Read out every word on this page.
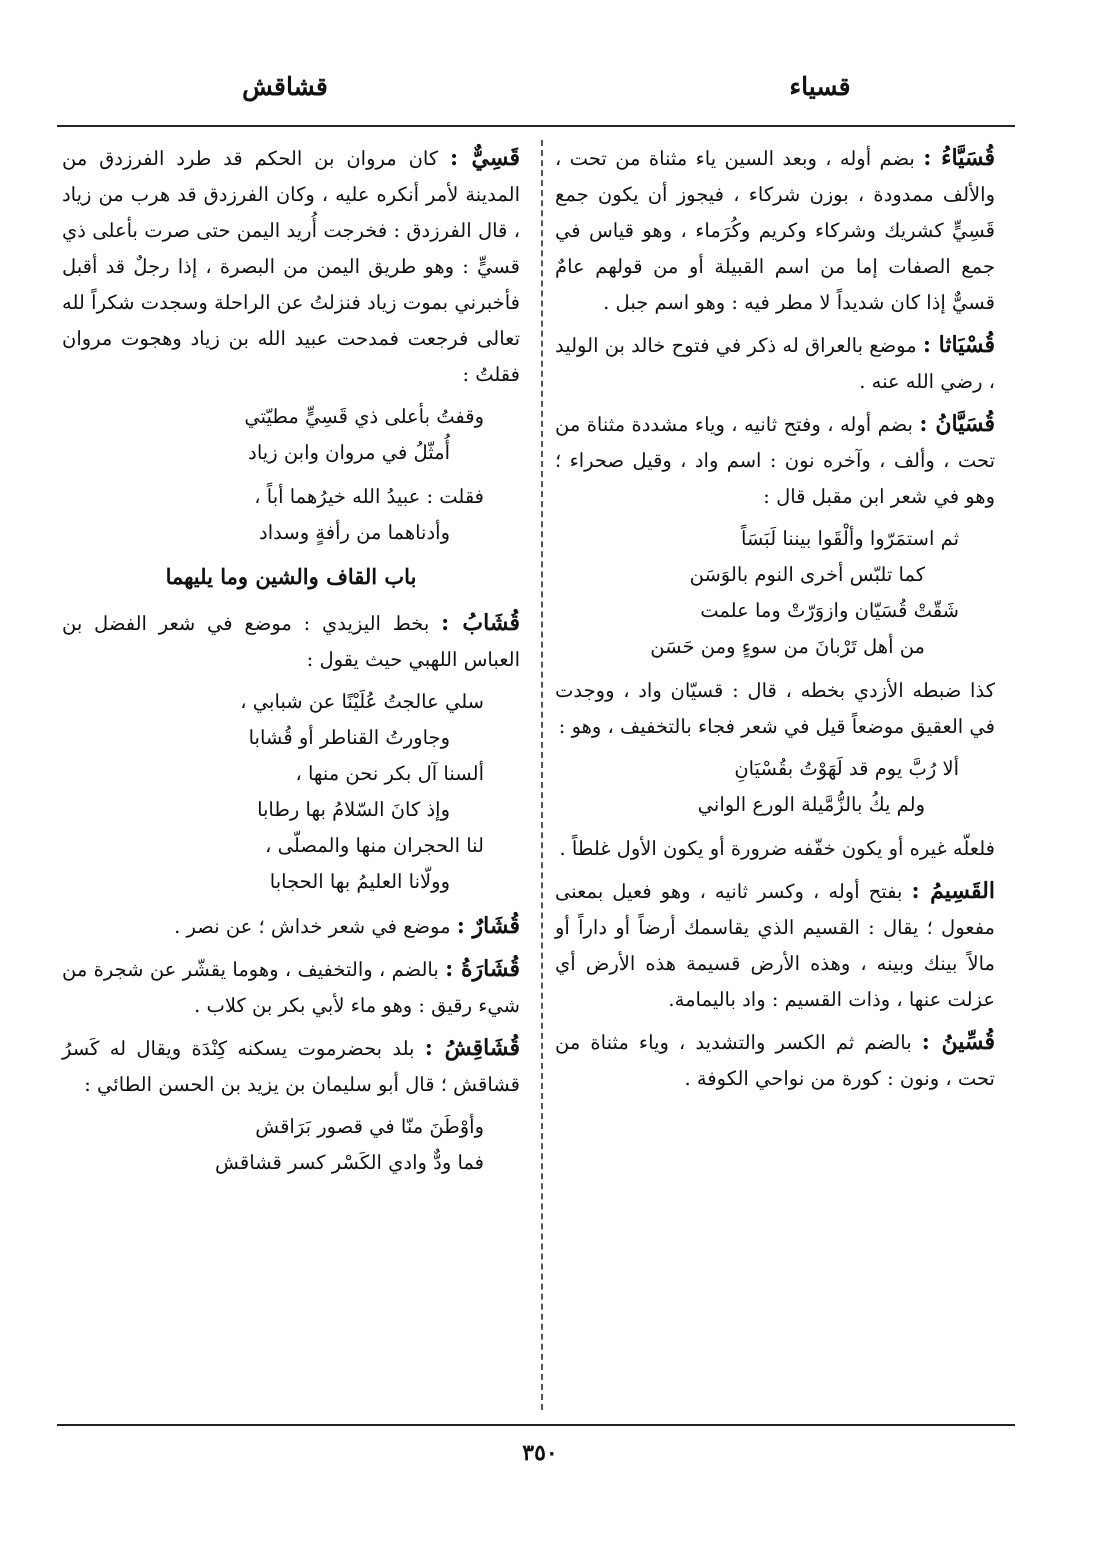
قسياء
قشاقش

قُسَيَّاءُ : بضم أوله ، وبعد السين ياء مثناة من تحت ، والألف ممدودة ، بوزن شركاء ، فيجوز أن يكون جمع قَسِيٍّ كشريك وشركاء وكريم وكُرَماء ، وهو قياس في جمع الصفات إما من اسم القبيلة أو من قولهم عامٌ قسيٌّ إذا كان شديداً لا مطر فيه : وهو اسم جبل .

قُسْيَاثا : موضع بالعراق له ذكر في فتوح خالد بن الوليد ، رضي الله عنه .

قُسَيَّانُ : بضم أوله ، وفتح ثانيه ، وياء مشددة مثناة من تحت ، وألف ، وآخره نون : اسم واد ، وقيل صحراء ؛ وهو في شعر ابن مقبل قال :

ثم استمَرّوا وألْقَوا بيننا لَبَسَاً
كما تلبّس أخرى النوم بالوَسَن
شَقّتْ قُسَيّان وازوَرّتْ وما علمت
من أهل تَرْبانَ من سوءٍ ومن حَسَن

كذا ضبطه الأزدي بخطه ، قال : قسيّان واد ، ووجدت في العقيق موضعاً قيل في شعر فجاء بالتخفيف ، وهو :

ألا رُبَّ يوم قد لَهَوْتُ بقُسْيَانِ
ولم يكُ بالزُّمَّيلة الورع الواني

فلعلّه غيره أو يكون خفّفه ضرورة أو يكون الأول غلطاً .

القَسِيمُ : بفتح أوله ، وكسر ثانيه ، وهو فعيل بمعنى مفعول ؛ يقال : القسيم الذي يقاسمك أرضاً أو داراً أو مالاً بينك وبينه ، وهذه الأرض قسيمة هذه الأرض أي عزلت عنها ، وذات القسيم : واد باليمامة.

قُسِّينُ : بالضم ثم الكسر والتشديد ، وياء مثناة من تحت ، ونون : كورة من نواحي الكوفة .

قَسِيٌّ : كان مروان بن الحكم قد طرد الفرزدق من المدينة لأمر أنكره عليه ، وكان الفرزدق قد هرب من زياد ، قال الفرزدق : فخرجت أُريد اليمن حتى صرت بأعلى ذي قسيٍّ : وهو طريق اليمن من البصرة ، إذا رجلٌ قد أقبل فأخبرني بموت زياد فنزلتُ عن الراحلة وسجدت شكراً لله تعالى فرجعت فمدحت عبيد الله بن زياد وهجوت مروان فقلتُ :

وقفتُ بأعلى ذي قَسِيٍّ مطيّتي
أُمثّلُ في مروان وابن زياد
فقلت : عبيدُ الله خيرُهما أباً ،
وأدناهما من رأفةٍ وسداد
باب القاف والشين وما يليهما

قُشَابُ : بخط اليزيدي : موضع في شعر الفضل بن العباس اللهبي حيث يقول :

سلي عالجتُ عُلَيْنًا عن شبابي ،
وجاورتُ القناطر أو قُشابا
ألسنا آل بكر نحن منها ،
وإذ كانَ السّلامُ بها رطابا
لنا الحجران منها والمصلّى ،
وولّانا العليمُ بها الحجابا

قُشَارٌ : موضع في شعر خداش ؛ عن نصر .

قُشَارَةُ : بالضم ، والتخفيف ، وهوما يقشّر عن شجرة من شيء رقيق : وهو ماء لأبي بكر بن كلاب .

قُشَاقِشُ : بلد بحضرموت يسكنه كِنْدَة ويقال له كَسرُ قشاقش ؛ قال أبو سليمان بن يزيد بن الحسن الطائي :

وأوْطَنَ منّا في قصور بَرَاقش
فما ودٌّ وادي الكَسْر كسر قشاقش
٣٥٠
